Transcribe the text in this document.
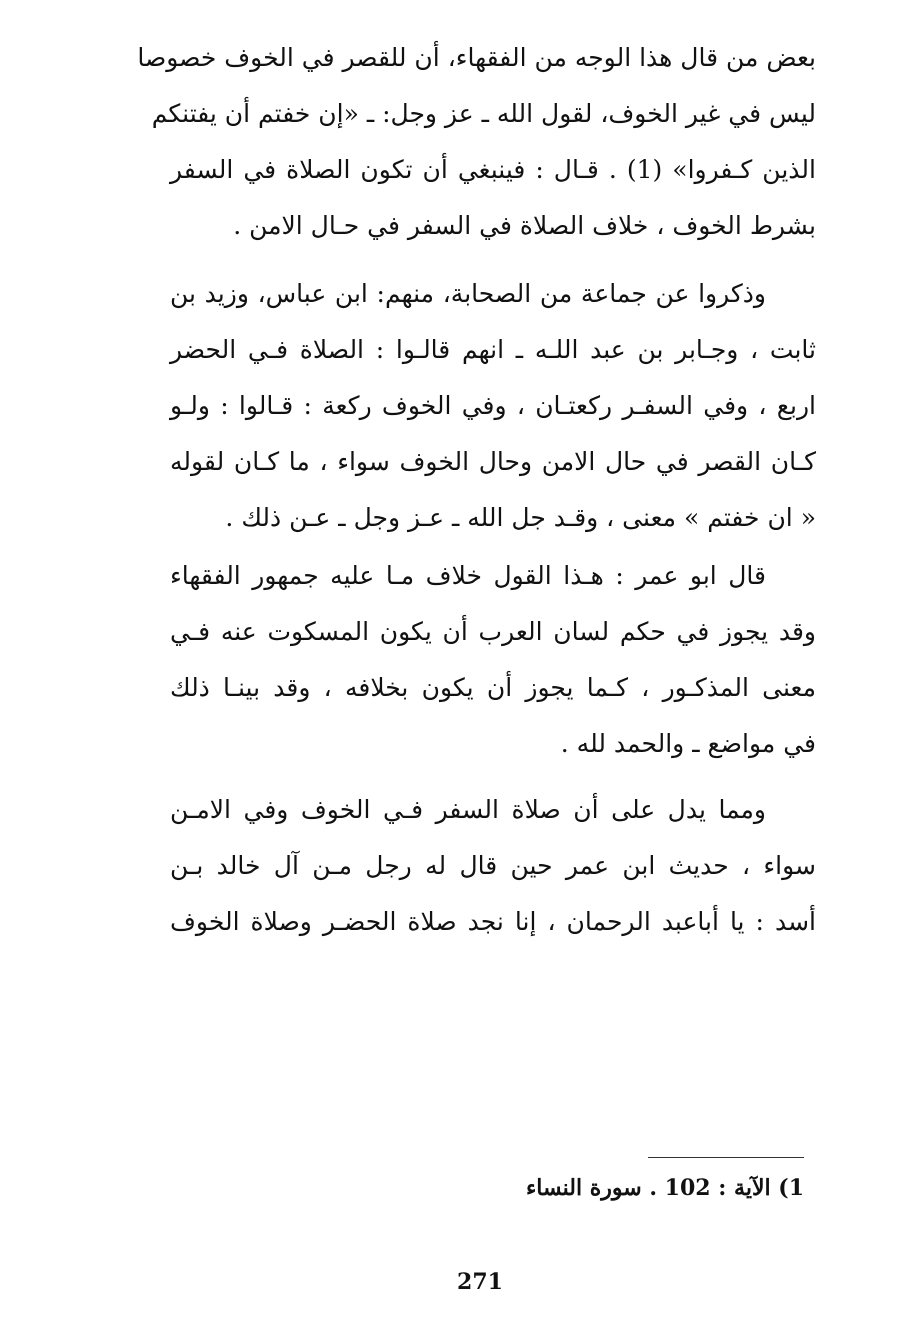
بعض من قال هذا الوجه من الفقهاء، أن للقصر في الخوف خصوصا
ليس في غير الخوف، لقول الله ـ عز وجل: ـ «إن خفتم أن يفتنكم
الذين كـفروا» (1) . قـال : فينبغي أن تكون الصلاة في السفر
بشرط الخوف ، خلاف الصلاة في السفر في حـال الامن .
وذكروا عن جماعة من الصحابة، منهم: ابن عباس، وزيد بن
ثابت ، وجـابر بن عبد اللـه ـ انهم قالـوا : الصلاة فـي الحضر
اربع ، وفي السفـر ركعتـان ، وفي الخوف ركعة : قـالوا : ولـو
كـان القصر في حال الامن وحال الخوف سواء ، ما كـان لقوله
« ان خفتم » معنى ، وقـد جل الله ـ عـز وجل ـ عـن ذلك .
قال ابو عمر : هـذا القول خلاف مـا عليه جمهور الفقهاء
وقد يجوز في حكم لسان العرب أن يكون المسكوت عنه فـي
معنى المذكـور ، كـما يجوز أن يكون بخلافه ، وقد بينـا ذلك
في مواضع ـ والحمد لله .
ومما يدل على أن صلاة السفر فـي الخوف وفي الامـن
سواء ، حديث ابن عمر حين قال له رجل مـن آل خالد بـن
أسد : يا أباعبد الرحمان ، إنا نجد صلاة الحضـر وصلاة الخوف
1) الآية : 102 . سورة النساء
271
